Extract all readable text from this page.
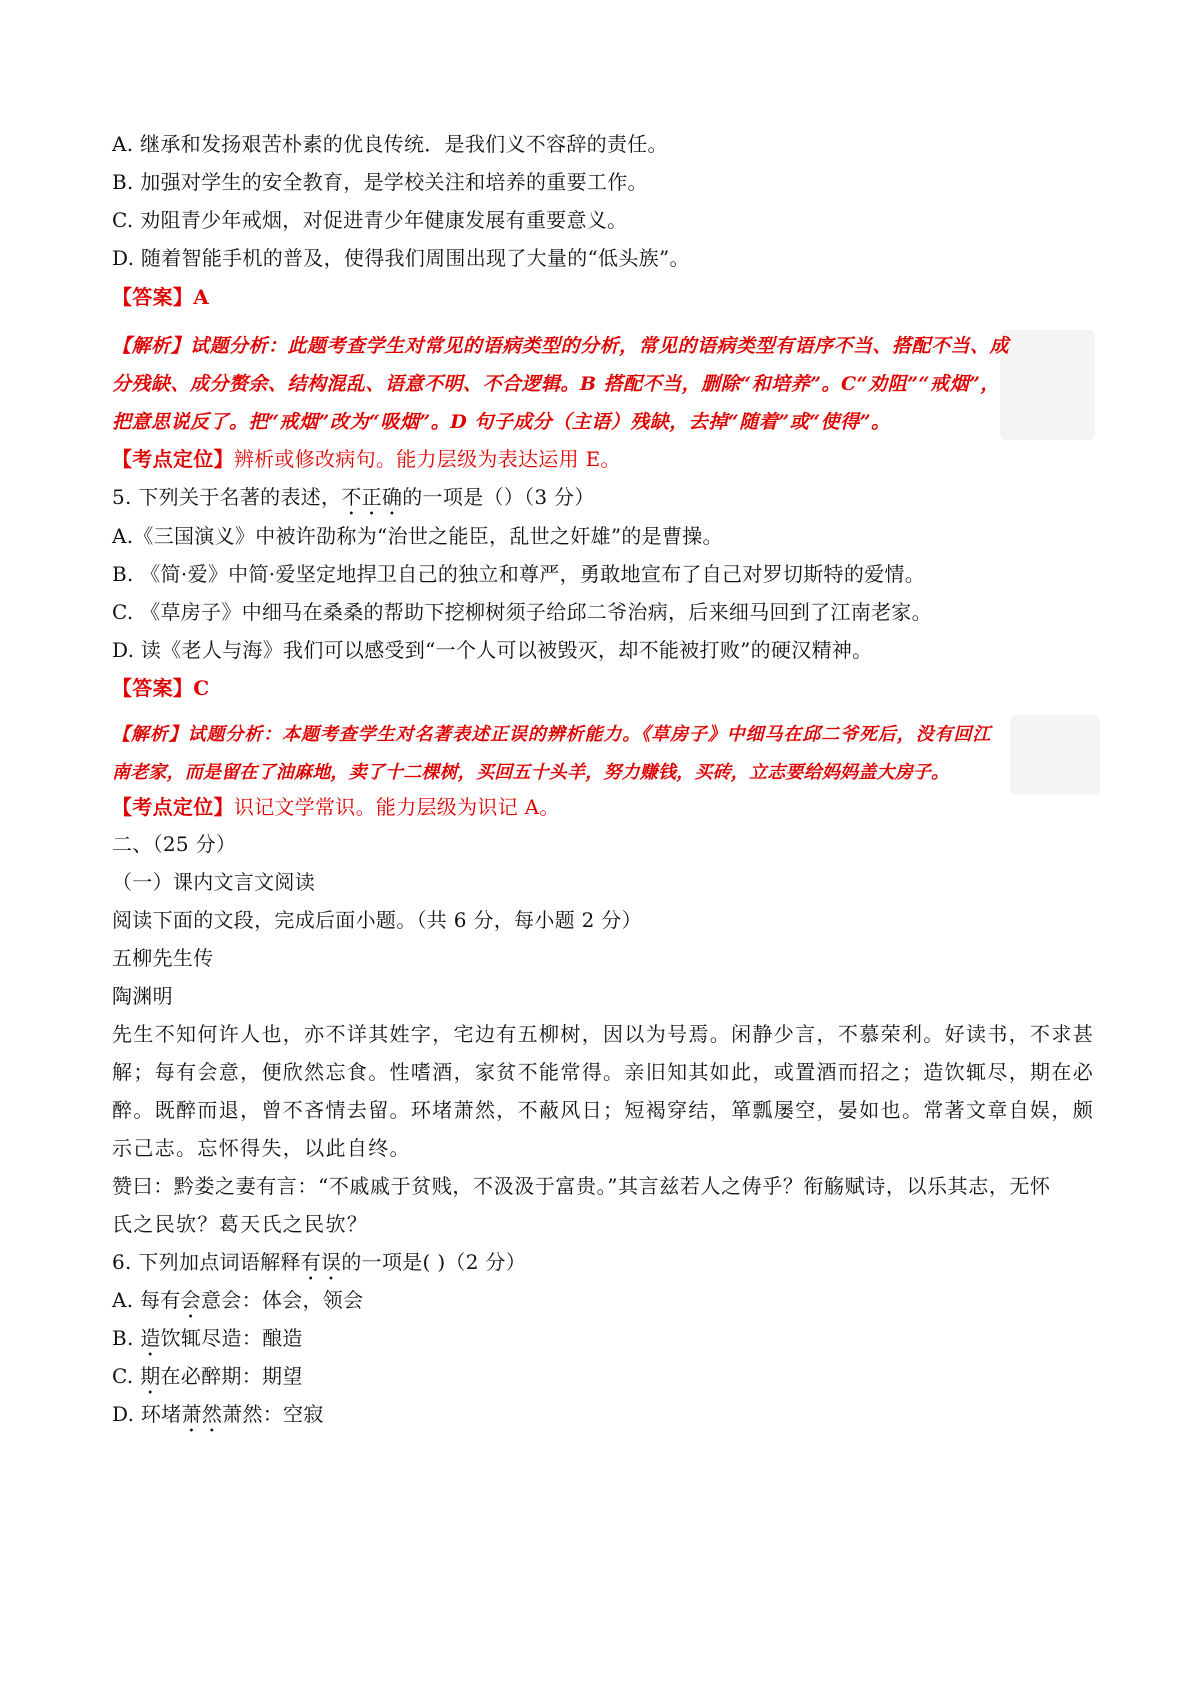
A. 继承和发扬艰苦朴素的优良传统．是我们义不容辞的责任。
B. 加强对学生的安全教育，是学校关注和培养的重要工作。
C. 劝阻青少年戒烟，对促进青少年健康发展有重要意义。
D. 随着智能手机的普及，使得我们周围出现了大量的“低头族”。
【答案】A
【解析】试题分析：此题考查学生对常见的语病类型的分析，常见的语病类型有语序不当、搭配不当、成
分残缺、成分赘余、结构混乱、语意不明、不合逻辑。B 搭配不当，删除“和培养”。C“劝阻”“戒烟”，
把意思说反了。把“戒烟”改为“吸烟”。D 句子成分（主语）残缺，去掉“随着”或“使得”。
【考点定位】辨析或修改病句。能力层级为表达运用 E。
5. 下列关于名著的表述，不正确的一项是（）（3 分）
A.《三国演义》中被许劭称为“治世之能臣，乱世之奸雄”的是曹操。
B. 《简·爱》中简·爱坚定地捍卫自己的独立和尊严，勇敢地宣布了自己对罗切斯特的爱情。
C. 《草房子》中细马在桑桑的帮助下挖柳树须子给邱二爷治病，后来细马回到了江南老家。
D. 读《老人与海》我们可以感受到“一个人可以被毁灭，却不能被打败”的硬汉精神。
【答案】C
【解析】试题分析：本题考查学生对名著表述正误的辨析能力。《草房子》中细马在邱二爷死后，没有回江
南老家，而是留在了油麻地，卖了十二棵树，买回五十头羊，努力赚钱，买砖，立志要给妈妈盖大房子。
【考点定位】识记文学常识。能力层级为识记 A。
二、（25 分）
（一）课内文言文阅读
阅读下面的文段，完成后面小题。（共 6 分，每小题 2 分）
五柳先生传
陶渊明
先生不知何许人也，亦不详其姓字，宅边有五柳树，因以为号焉。闲静少言，不慕荣利。好读书，不求甚
解；每有会意，便欣然忘食。性嗜酒，家贫不能常得。亲旧知其如此，或置酒而招之；造饮辄尽，期在必
醉。既醉而退，曾不吝情去留。环堵萧然，不蔽风日；短褐穿结，箪瓢屡空，晏如也。常著文章自娱，颇
示己志。忘怀得失，以此自终。
赞曰：黔娄之妻有言：“不戚戚于贫贱，不汲汲于富贵。”其言兹若人之俦乎？衔觞赋诗，以乐其志，无怀
氏之民欤？葛天氏之民欤？
6. 下列加点词语解释有误的一项是( )（2 分）
A. 每有会意会：体会，领会
B. 造饮辄尽造：酿造
C. 期在必醉期：期望
D. 环堵萧然萧然：空寂
